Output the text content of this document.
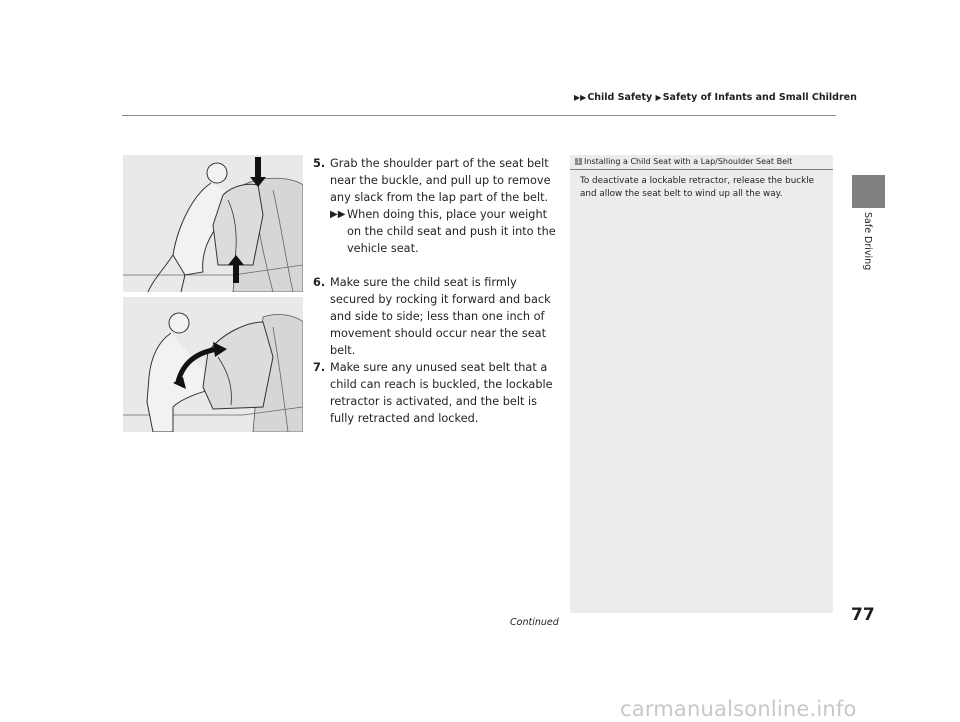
▶▶Child Safety ▶Safety of Infants and Small Children
Safe Driving
5. Grab the shoulder part of the seat belt near the buckle, and pull up to remove any slack from the lap part of the belt.
▶▶ When doing this, place your weight on the child seat and push it into the vehicle seat.
6. Make sure the child seat is firmly secured by rocking it forward and back and side to side; less than one inch of movement should occur near the seat belt.
7. Make sure any unused seat belt that a child can reach is buckled, the lockable retractor is activated, and the belt is fully retracted and locked.
1 Installing a Child Seat with a Lap/Shoulder Seat Belt
To deactivate a lockable retractor, release the buckle and allow the seat belt to wind up all the way.
Continued	77
carmanualsonline.info
